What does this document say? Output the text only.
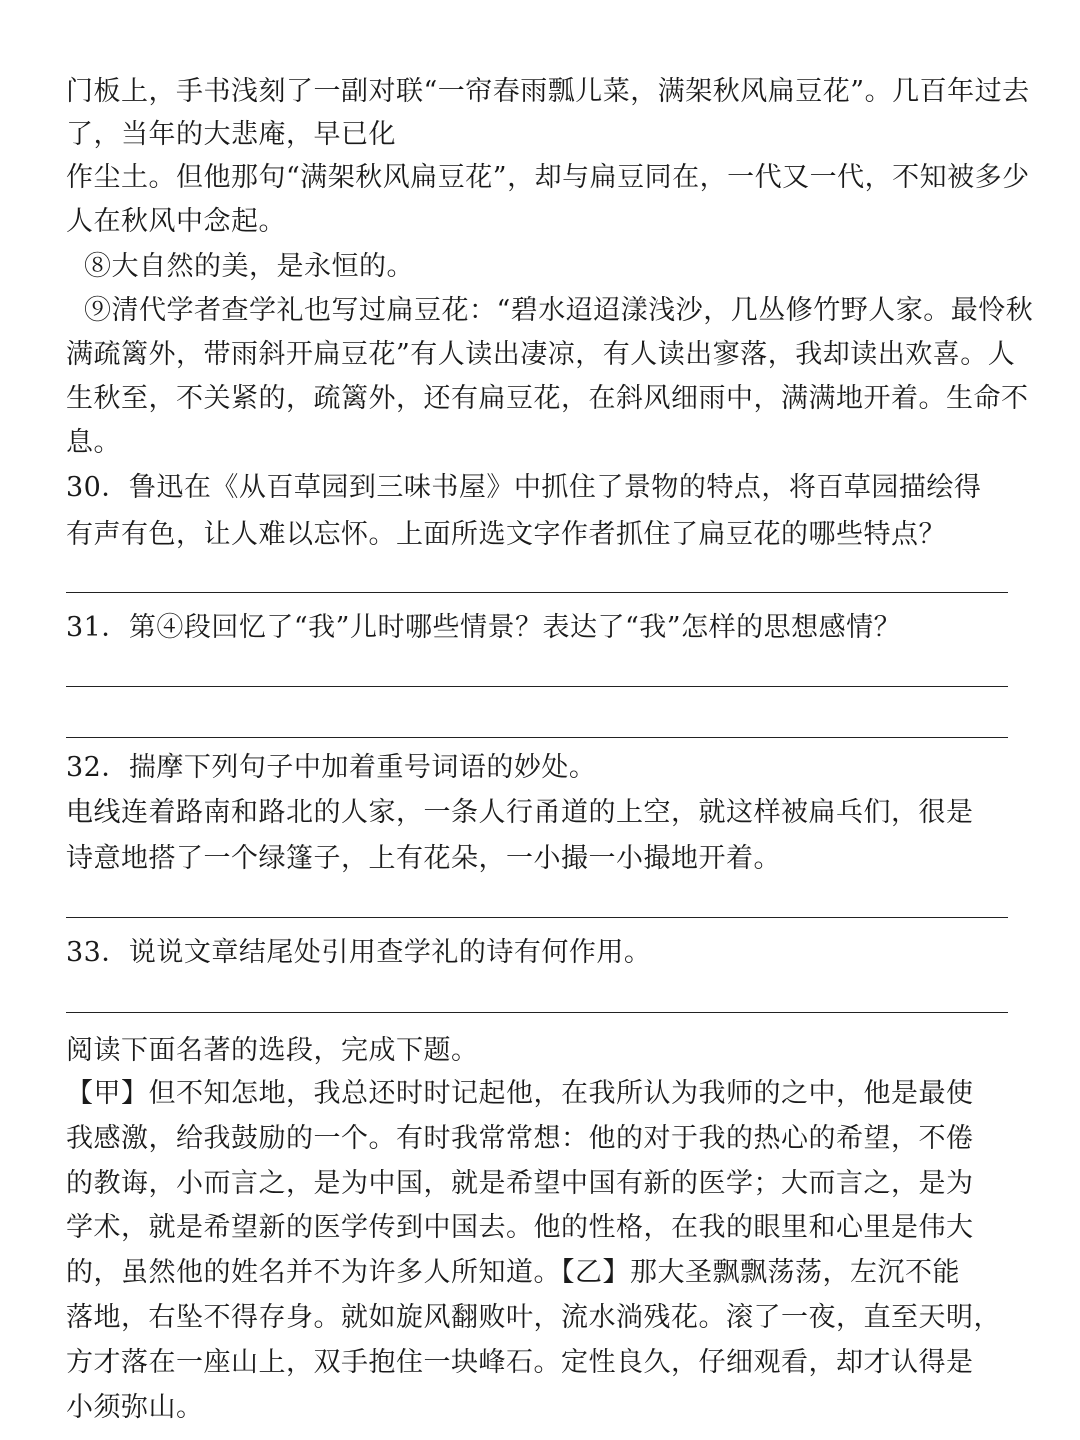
门板上，手书浅刻了一副对联“一帘春雨瓢儿菜，满架秋风扁豆花”。几百年过去
了，当年的大悲庵，早已化
作尘土。但他那句“满架秋风扁豆花”，却与扁豆同在，一代又一代，不知被多少
人在秋风中念起。
⑧大自然的美，是永恒的。
⑨清代学者查学礼也写过扁豆花：“碧水迢迢漾浅沙，几丛修竹野人家。最怜秋
满疏篱外，带雨斜开扁豆花”有人读出凄凉，有人读出寥落，我却读出欢喜。人
生秋至，不关紧的，疏篱外，还有扁豆花，在斜风细雨中，满满地开着。生命不
息。
30．鲁迅在《从百草园到三味书屋》中抓住了景物的特点，将百草园描绘得
有声有色，让人难以忘怀。上面所选文字作者抓住了扁豆花的哪些特点？
31．第④段回忆了“我”儿时哪些情景？表达了“我”怎样的思想感情？
32．揣摩下列句子中加着重号词语的妙处。
电线连着路南和路北的人家，一条人行甬道的上空，就这样被扁乓们，很是
诗意地搭了一个绿篷子，上有花朵，一小撮一小撮地开着。
33．说说文章结尾处引用查学礼的诗有何作用。
阅读下面名著的选段，完成下题。
【甲】但不知怎地，我总还时时记起他，在我所认为我师的之中，他是最使
我感激，给我鼓励的一个。有时我常常想：他的对于我的热心的希望，不倦
的教诲，小而言之，是为中国，就是希望中国有新的医学；大而言之，是为
学术，就是希望新的医学传到中国去。他的性格，在我的眼里和心里是伟大
的，虽然他的姓名并不为许多人所知道。【乙】那大圣飘飘荡荡，左沉不能
落地，右坠不得存身。就如旋风翻败叶，流水淌残花。滚了一夜，直至天明，
方才落在一座山上，双手抱住一块峰石。定性良久，仔细观看，却才认得是
小须弥山。
